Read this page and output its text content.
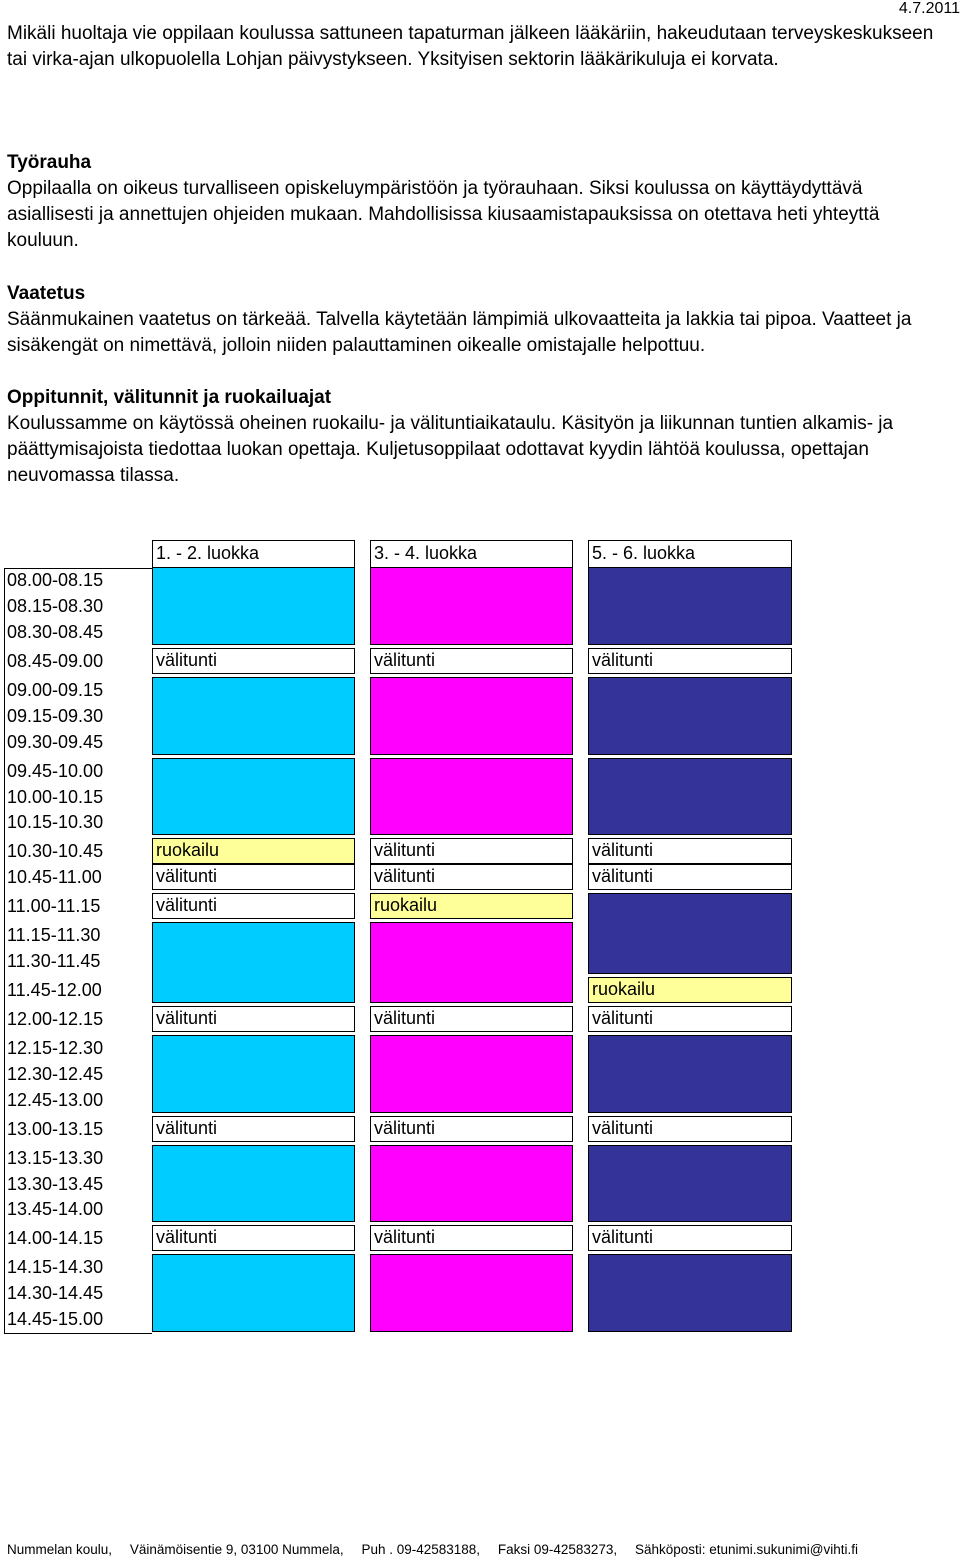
4.7.2011

Mikäli huoltaja vie oppilaan koulussa sattuneen tapaturman jälkeen lääkäriin, hakeudutaan terveyskeskukseen tai virka-ajan ulkopuolella Lohjan päivystykseen. Yksityisen sektorin lääkärikuluja ei korvata.

Työrauha
Oppilaalla on oikeus turvalliseen opiskeluympäristöön ja työrauhaan. Siksi koulussa on käyttäydyttävä asiallisesti ja annettujen ohjeiden mukaan. Mahdollisissa kiusaamistapauksissa on otettava heti yhteyttä kouluun.
Vaatetus
Säänmukainen vaatetus on tärkeää. Talvella käytetään lämpimiä ulkovaatteita ja lakkia tai pipoa. Vaatteet ja sisäkengät on nimettävä, jolloin niiden palauttaminen oikealle omistajalle helpottuu.
Oppitunnit, välitunnit ja ruokailuajat
Koulussamme on käytössä oheinen ruokailu- ja välituntiaikataulu. Käsityön ja liikunnan tuntien alkamis- ja päättymisajoista tiedottaa luokan opettaja. Kuljetusoppilaat odottavat kyydin lähtöä koulussa, opettajan neuvomassa tilassa.
1. - 2. luokka	3. - 4. luokka	5. - 6. luokka
08.00-08.15
08.15-08.30
08.30-08.45
08.45-09.00
09.00-09.15
09.15-09.30
09.30-09.45
09.45-10.00
10.00-10.15
10.15-10.30
10.30-10.45
10.45-11.00
11.00-11.15
11.15-11.30
11.30-11.45
11.45-12.00
12.00-12.15
12.15-12.30
12.30-12.45
12.45-13.00
13.00-13.15
13.15-13.30
13.30-13.45
13.45-14.00
14.00-14.15
14.15-14.30
14.30-14.45
14.45-15.00
välitunti
ruokailu
välitunti
välitunti
välitunti
välitunti
välitunti
välitunti
välitunti
välitunti
ruokailu
välitunti
välitunti
välitunti
välitunti
välitunti
välitunti
ruokailu
välitunti
välitunti
välitunti
Nummelan koulu, Väinämöisentie 9, 03100 Nummela, Puh . 09-42583188, Faksi 09-42583273, Sähköposti: etunimi.sukunimi@vihti.fi
